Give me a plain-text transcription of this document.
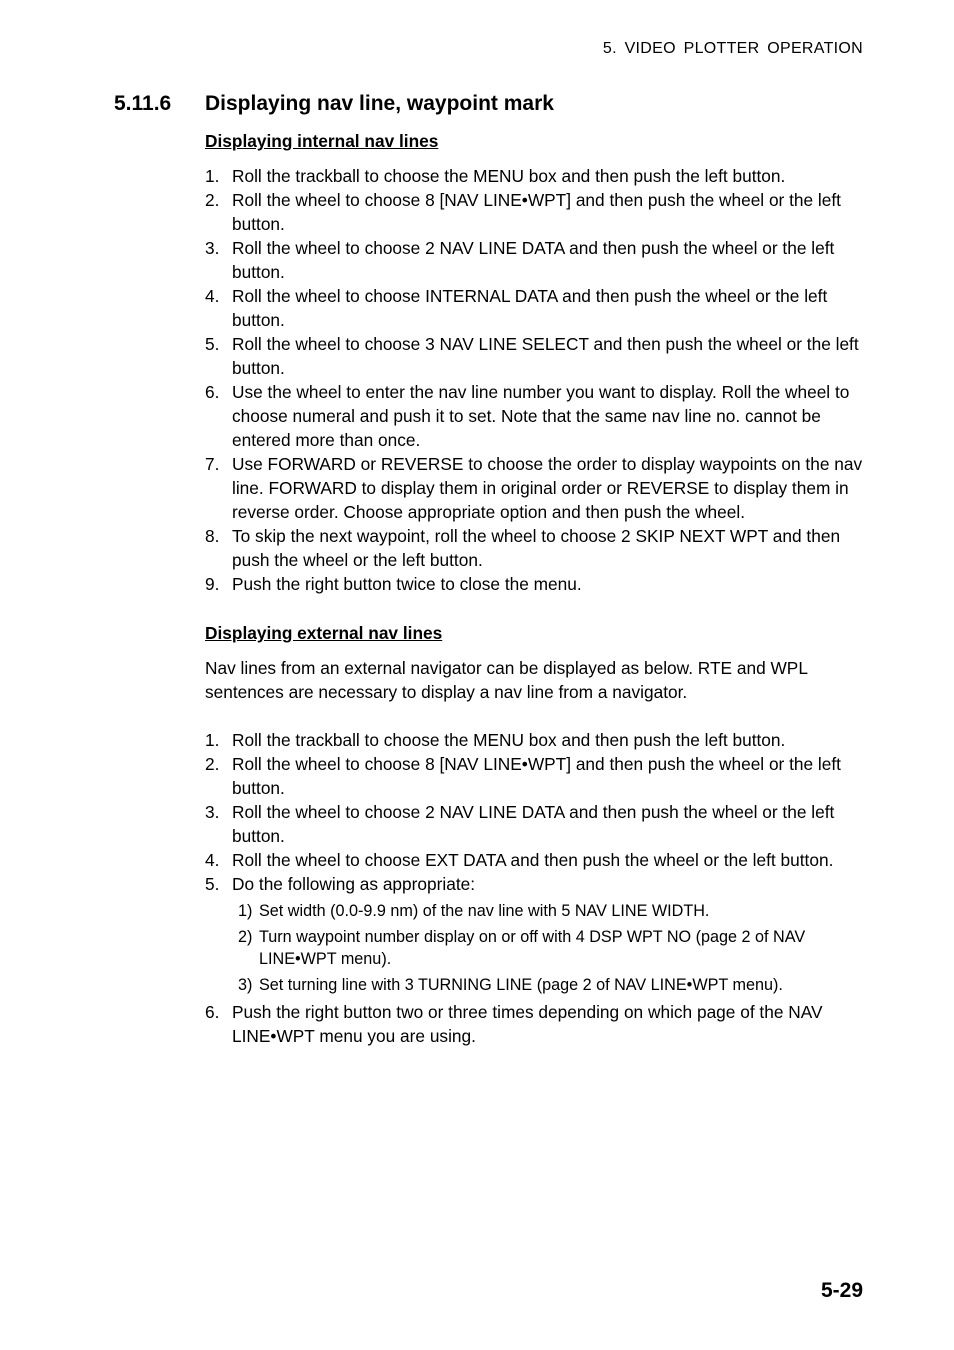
5. VIDEO PLOTTER OPERATION
5.11.6 Displaying nav line, waypoint mark
Displaying internal nav lines
1. Roll the trackball to choose the MENU box and then push the left button.
2. Roll the wheel to choose 8 [NAV LINE•WPT] and then push the wheel or the left button.
3. Roll the wheel to choose 2 NAV LINE DATA and then push the wheel or the left button.
4. Roll the wheel to choose INTERNAL DATA and then push the wheel or the left button.
5. Roll the wheel to choose 3 NAV LINE SELECT and then push the wheel or the left button.
6. Use the wheel to enter the nav line number you want to display. Roll the wheel to choose numeral and push it to set. Note that the same nav line no. cannot be entered more than once.
7. Use FORWARD or REVERSE to choose the order to display waypoints on the nav line. FORWARD to display them in original order or REVERSE to display them in reverse order. Choose appropriate option and then push the wheel.
8. To skip the next waypoint, roll the wheel to choose 2 SKIP NEXT WPT and then push the wheel or the left button.
9. Push the right button twice to close the menu.
Displaying external nav lines

Nav lines from an external navigator can be displayed as below. RTE and WPL sentences are necessary to display a nav line from a navigator.

1. Roll the trackball to choose the MENU box and then push the left button.
2. Roll the wheel to choose 8 [NAV LINE•WPT] and then push the wheel or the left button.
3. Roll the wheel to choose 2 NAV LINE DATA and then push the wheel or the left button.
4. Roll the wheel to choose EXT DATA and then push the wheel or the left button.
5. Do the following as appropriate:
1) Set width (0.0-9.9 nm) of the nav line with 5 NAV LINE WIDTH.
2) Turn waypoint number display on or off with 4 DSP WPT NO (page 2 of NAV LINE•WPT menu).
3) Set turning line with 3 TURNING LINE (page 2 of NAV LINE•WPT menu).
6. Push the right button two or three times depending on which page of the NAV LINE•WPT menu you are using.
5-29
